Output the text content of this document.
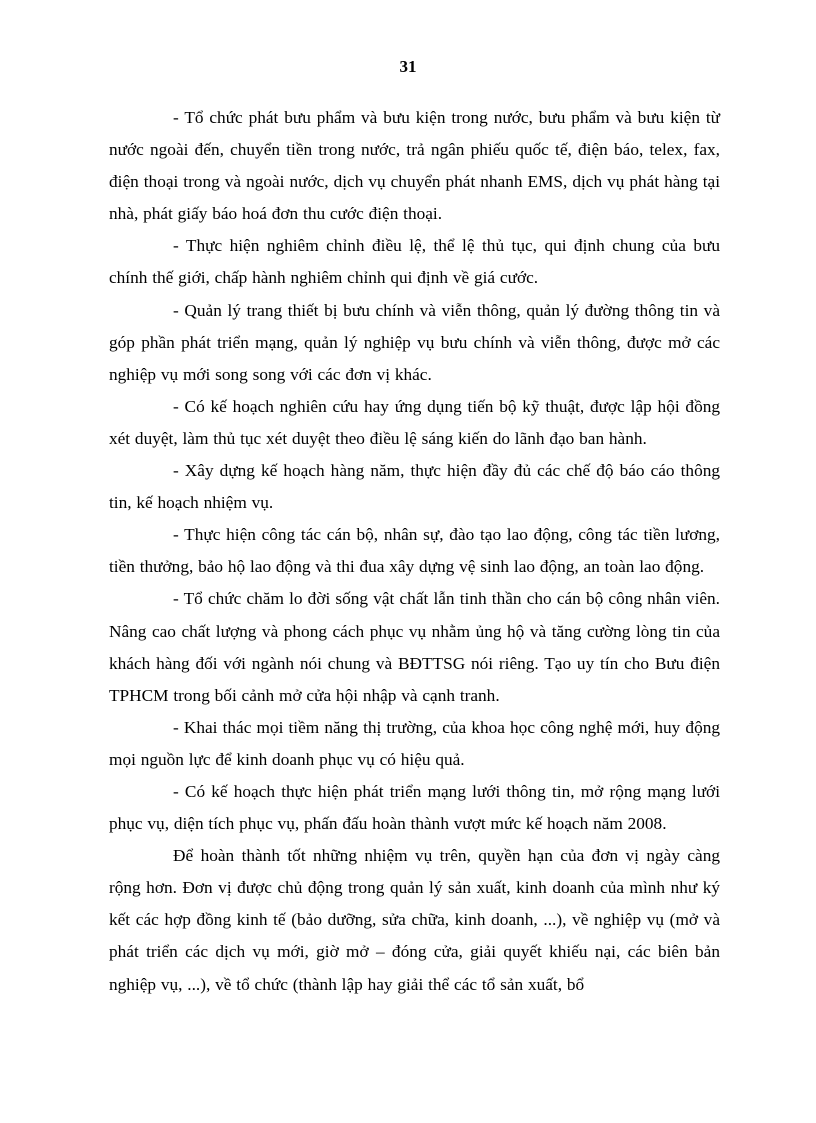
31

- Tổ chức phát bưu phẩm và bưu kiện trong nước, bưu phẩm và bưu kiện từ nước ngoài đến, chuyển tiền trong nước, trả ngân phiếu quốc tế, điện báo, telex, fax, điện thoại trong và ngoài nước, dịch vụ chuyển phát nhanh EMS, dịch vụ phát hàng tại nhà, phát giấy báo hoá đơn thu cước điện thoại.

- Thực hiện nghiêm chỉnh điều lệ, thể lệ thủ tục, qui định chung của bưu chính thế giới, chấp hành nghiêm chỉnh qui định về giá cước.

- Quản lý trang thiết bị bưu chính và viễn thông, quản lý đường thông tin và góp phần phát triển mạng, quản lý nghiệp vụ bưu chính và viễn thông, được mở các nghiệp vụ mới song song với các đơn vị khác.

- Có kế hoạch nghiên cứu hay ứng dụng tiến bộ kỹ thuật, được lập hội đồng xét duyệt, làm thủ tục xét duyệt theo điều lệ sáng kiến do lãnh đạo ban hành.

- Xây dựng kế hoạch hàng năm, thực hiện đầy đủ các chế độ báo cáo thông tin, kế hoạch nhiệm vụ.

- Thực hiện công tác cán bộ, nhân sự, đào tạo lao động, công tác tiền lương, tiền thưởng, bảo hộ lao động và thi đua xây dựng vệ sinh lao động, an toàn lao động.

- Tổ chức chăm lo đời sống vật chất lẫn tinh thần cho cán bộ công nhân viên. Nâng cao chất lượng và phong cách phục vụ nhằm ủng hộ và tăng cường lòng tin của khách hàng đối với ngành nói chung và BĐTTSG nói riêng. Tạo uy tín cho Bưu điện TPHCM trong bối cảnh mở cửa hội nhập và cạnh tranh.

- Khai thác mọi tiềm năng thị trường, của khoa học công nghệ mới, huy động mọi nguồn lực để kinh doanh phục vụ có hiệu quả.

- Có kế hoạch thực hiện phát triển mạng lưới thông tin, mở rộng mạng lưới phục vụ, diện tích phục vụ, phấn đấu hoàn thành vượt mức kế hoạch năm 2008.

Để hoàn thành tốt những nhiệm vụ trên, quyền hạn của đơn vị ngày càng rộng hơn. Đơn vị được chủ động trong quản lý sản xuất, kinh doanh của mình như ký kết các hợp đồng kinh tế (bảo dưỡng, sửa chữa, kinh doanh, ...), về nghiệp vụ (mở và phát triển các dịch vụ mới, giờ mở – đóng cửa, giải quyết khiếu nại, các biên bản nghiệp vụ, ...), về tổ chức (thành lập hay giải thể các tổ sản xuất, bổ
